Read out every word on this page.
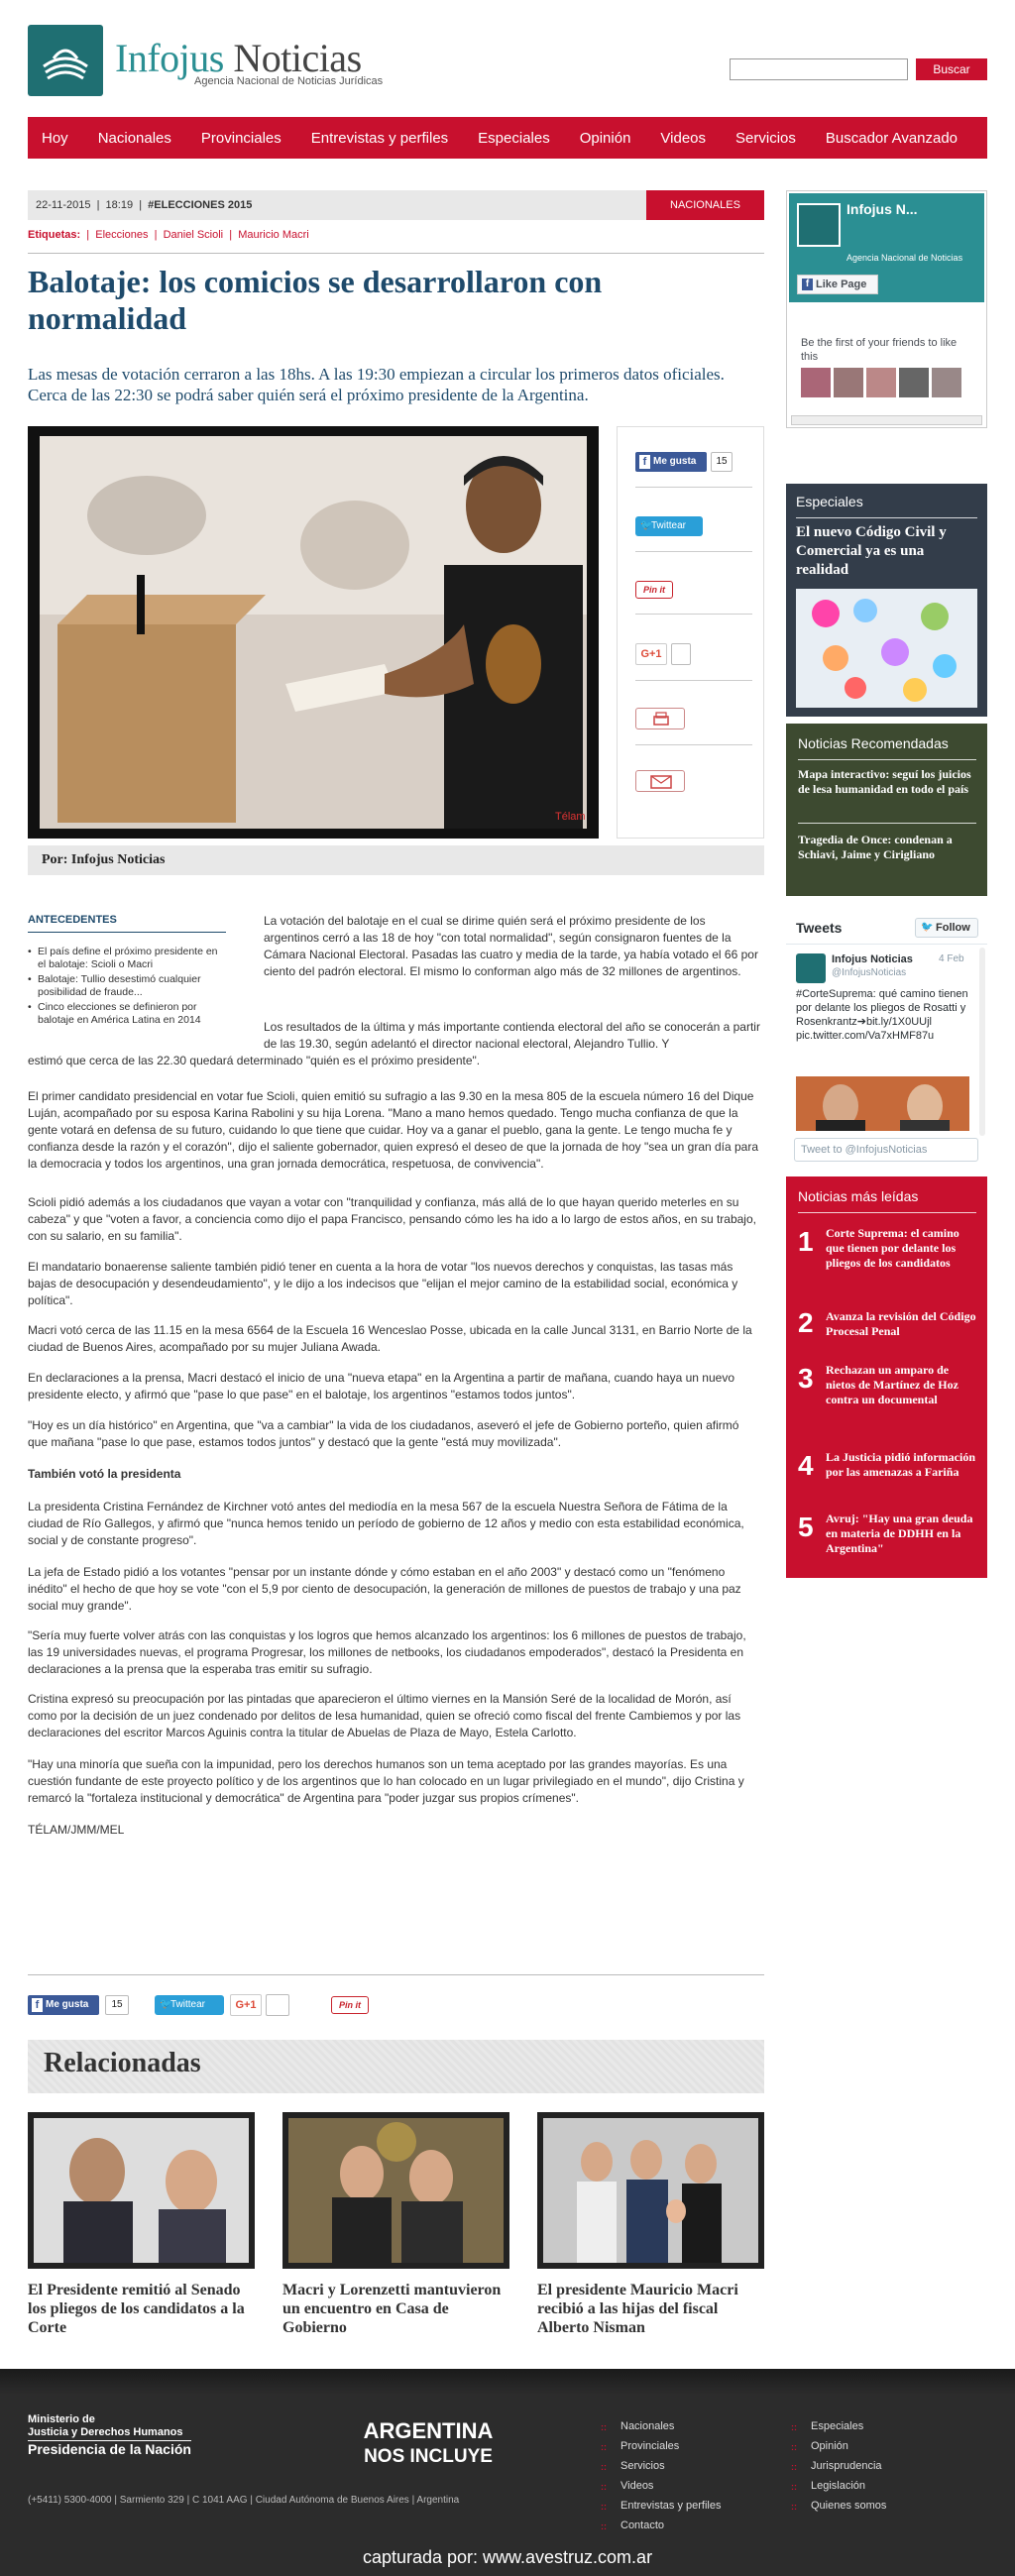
Infojus Noticias
Agencia Nacional de Noticias Jurídicas
Buscar
Hoy Nacionales Provinciales Entrevistas y perfiles Especiales Opinión Videos Servicios Buscador Avanzado
22-11-2015  |  18:19  |  #ELECCIONES 2015	NACIONALES
Etiquetas:  |  Elecciones  |  Daniel Scioli  |  Mauricio Macri
Balotaje: los comicios se desarrollaron con normalidad

Las mesas de votación cerraron a las 18hs. A las 19:30 empiezan a circular los primeros datos oficiales. Cerca de las 22:30 se podrá saber quién será el próximo presidente de la Argentina.

Télam
f Me gusta	15
🐦
Twittear
Pin it
G+1
Por: Infojus Noticias
ANTECEDENTES
• El país define el próximo presidente en el balotaje: Scioli o Macri
• Balotaje: Tullio desestimó cualquier posibilidad de fraude...
• Cinco elecciones se definieron por balotaje en América Latina en 2014

La votación del balotaje en el cual se dirime quién será el próximo presidente de los argentinos cerró a las 18 de hoy "con total normalidad", según consignaron fuentes de la Cámara Nacional Electoral. Pasadas las cuatro y media de la tarde, ya había votado el 66 por ciento del padrón electoral. El mismo lo conforman algo más de 32 millones de argentinos.

Los resultados de la última y más importante contienda electoral del año se conocerán a partir de las 19.30, según adelantó el director nacional electoral, Alejandro Tullio. Y

estimó que cerca de las 22.30 quedará determinado "quién es el próximo presidente".

El primer candidato presidencial en votar fue Scioli, quien emitió su sufragio a las 9.30 en la mesa 805 de la escuela número 16 del Dique Luján, acompañado por su esposa Karina Rabolini y su hija Lorena. "Mano a mano hemos quedado. Tengo mucha confianza de que la gente votará en defensa de su futuro, cuidando lo que tiene que cuidar. Hoy va a ganar el pueblo, gana la gente. Le tengo mucha fe y confianza desde la razón y el corazón", dijo el saliente gobernador, quien expresó el deseo de que la jornada de hoy "sea un gran día para la democracia y todos los argentinos, una gran jornada democrática, respetuosa, de convivencia".

Scioli pidió además a los ciudadanos que vayan a votar con "tranquilidad y confianza, más allá de lo que hayan querido meterles en su cabeza" y que "voten a favor, a conciencia como dijo el papa Francisco, pensando cómo les ha ido a lo largo de estos años, en su trabajo, con su salario, en su familia".

El mandatario bonaerense saliente también pidió tener en cuenta a la hora de votar "los nuevos derechos y conquistas, las tasas más bajas de desocupación y desendeudamiento", y le dijo a los indecisos que "elijan el mejor camino de la estabilidad social, económica y política".

Macri votó cerca de las 11.15 en la mesa 6564 de la Escuela 16 Wenceslao Posse, ubicada en la calle Juncal 3131, en Barrio Norte de la ciudad de Buenos Aires, acompañado por su mujer Juliana Awada.

En declaraciones a la prensa, Macri destacó el inicio de una "nueva etapa" en la Argentina a partir de mañana, cuando haya un nuevo presidente electo, y afirmó que "pase lo que pase" en el balotaje, los argentinos "estamos todos juntos".

"Hoy es un día histórico" en Argentina, que "va a cambiar" la vida de los ciudadanos, aseveró el jefe de Gobierno porteño, quien afirmó que mañana "pase lo que pase, estamos todos juntos" y destacó que la gente "está muy movilizada".

También votó la presidenta

La presidenta Cristina Fernández de Kirchner votó antes del mediodía en la mesa 567 de la escuela Nuestra Señora de Fátima de la ciudad de Río Gallegos, y afirmó que "nunca hemos tenido un período de gobierno de 12 años y medio con esta estabilidad económica, social y de constante progreso".

La jefa de Estado pidió a los votantes "pensar por un instante dónde y cómo estaban en el año 2003" y destacó como un "fenómeno inédito" el hecho de que hoy se vote "con el 5,9 por ciento de desocupación, la generación de millones de puestos de trabajo y una paz social muy grande".

"Sería muy fuerte volver atrás con las conquistas y los logros que hemos alcanzado los argentinos: los 6 millones de puestos de trabajo, las 19 universidades nuevas, el programa Progresar, los millones de netbooks, los ciudadanos empoderados", destacó la Presidenta en declaraciones a la prensa que la esperaba tras emitir su sufragio.

Cristina expresó su preocupación por las pintadas que aparecieron el último viernes en la Mansión Seré de la localidad de Morón, así como por la decisión de un juez condenado por delitos de lesa humanidad, quien se ofreció como fiscal del frente Cambiemos y por las declaraciones del escritor Marcos Aguinis contra la titular de Abuelas de Plaza de Mayo, Estela Carlotto.

"Hay una minoría que sueña con la impunidad, pero los derechos humanos son un tema aceptado por las grandes mayorías. Es una cuestión fundante de este proyecto político y de los argentinos que lo han colocado en un lugar privilegiado en el mundo", dijo Cristina y remarcó la "fortaleza institucional y democrática" de Argentina para "poder juzgar sus propios crímenes".

TÉLAM/JMM/MEL

f Me gusta	15	🐦
Twittear	G+1	Pin it
Relacionadas
El Presidente remitió al Senado los pliegos de los candidatos a la Corte
Macri y Lorenzetti mantuvieron un encuentro en Casa de Gobierno
El presidente Mauricio Macri recibió a las hijas del fiscal Alberto Nisman
Infojus N...
Agencia Nacional de Noticias
f Like Page
Be the first of your friends to like this
Especiales
El nuevo Código Civil y Comercial ya es una realidad
Noticias Recomendadas
Mapa interactivo: seguí los juicios de lesa humanidad en todo el país
Tragedia de Once: condenan a Schiavi, Jaime y Cirigliano
Tweets	🐦 Follow
Infojus Noticias	4 Feb
@InfojusNoticias
#CorteSuprema: qué camino tienen por delante los pliegos de Rosatti y Rosenkrantz➔bit.ly/1X0UUjl pic.twitter.com/Va7xHMF87u
Tweet to @InfojusNoticias
Noticias más leídas
1 Corte Suprema: el camino que tienen por delante los pliegos de los candidatos
2 Avanza la revisión del Código Procesal Penal
3 Rechazan un amparo de nietos de Martínez de Hoz contra un documental
4 La Justicia pidió información por las amenazas a Fariña
5 Avruj: "Hay una gran deuda en materia de DDHH en la Argentina"
Ministerio de
Justicia y Derechos Humanos
Presidencia de la Nación
(+5411) 5300-4000 | Sarmiento 329 | C 1041 AAG | Ciudad Autónoma de Buenos Aires | Argentina
ARGENTINA
NOS INCLUYE
:: Nacionales
:: Provinciales
:: Servicios
:: Videos
:: Entrevistas y perfiles
:: Contacto
:: Especiales
:: Opinión
:: Jurisprudencia
:: Legislación
:: Quienes somos
capturada por: www.avestruz.com.ar
